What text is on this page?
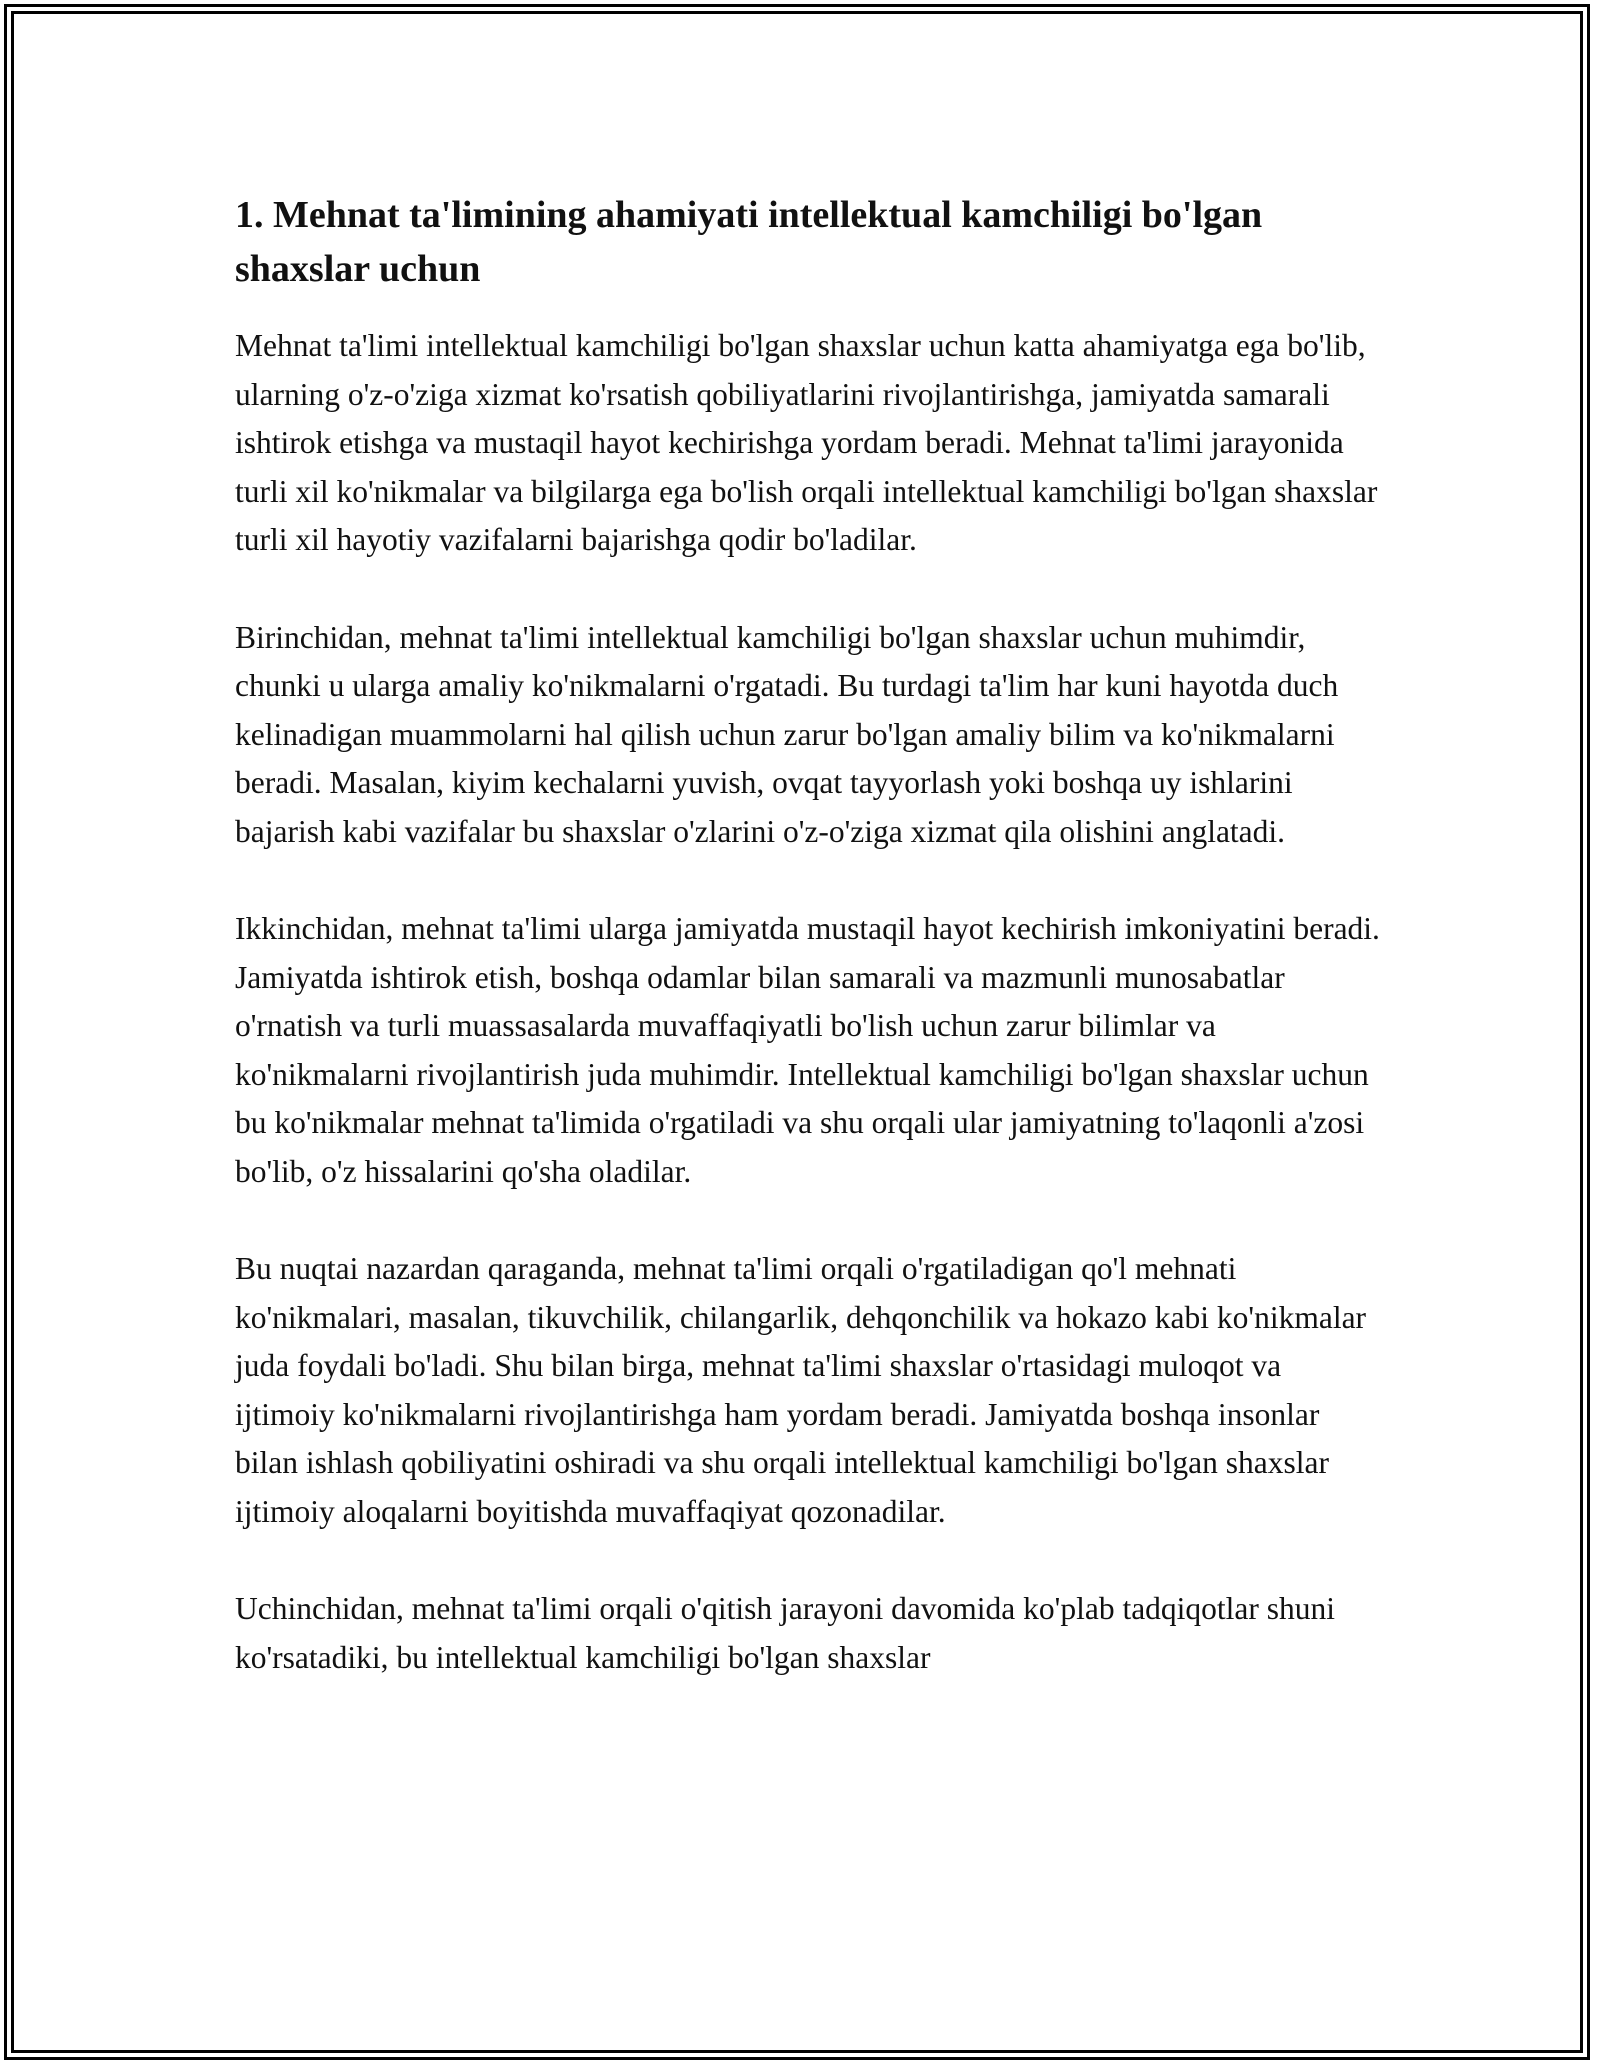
1. Mehnat ta'limining ahamiyati intellektual kamchiligi bo'lgan shaxslar uchun

Mehnat ta'limi intellektual kamchiligi bo'lgan shaxslar uchun katta ahamiyatga ega bo'lib, ularning o'z-o'ziga xizmat ko'rsatish qobiliyatlarini rivojlantirishga, jamiyatda samarali ishtirok etishga va mustaqil hayot kechirishga yordam beradi. Mehnat ta'limi jarayonida turli xil ko'nikmalar va bilgilarga ega bo'lish orqali intellektual kamchiligi bo'lgan shaxslar turli xil hayotiy vazifalarni bajarishga qodir bo'ladilar.

Birinchidan, mehnat ta'limi intellektual kamchiligi bo'lgan shaxslar uchun muhimdir, chunki u ularga amaliy ko'nikmalarni o'rgatadi. Bu turdagi ta'lim har kuni hayotda duch kelinadigan muammolarni hal qilish uchun zarur bo'lgan amaliy bilim va ko'nikmalarni beradi. Masalan, kiyim kechalarni yuvish, ovqat tayyorlash yoki boshqa uy ishlarini bajarish kabi vazifalar bu shaxslar o'zlarini o'z-o'ziga xizmat qila olishini anglatadi.

Ikkinchidan, mehnat ta'limi ularga jamiyatda mustaqil hayot kechirish imkoniyatini beradi. Jamiyatda ishtirok etish, boshqa odamlar bilan samarali va mazmunli munosabatlar o'rnatish va turli muassasalarda muvaffaqiyatli bo'lish uchun zarur bilimlar va ko'nikmalarni rivojlantirish juda muhimdir. Intellektual kamchiligi bo'lgan shaxslar uchun bu ko'nikmalar mehnat ta'limida o'rgatiladi va shu orqali ular jamiyatning to'laqonli a'zosi bo'lib, o'z hissalarini qo'sha oladilar.

Bu nuqtai nazardan qaraganda, mehnat ta'limi orqali o'rgatiladigan qo'l mehnati ko'nikmalari, masalan, tikuvchilik, chilangarlik, dehqonchilik va hokazo kabi ko'nikmalar juda foydali bo'ladi. Shu bilan birga, mehnat ta'limi shaxslar o'rtasidagi muloqot va ijtimoiy ko'nikmalarni rivojlantirishga ham yordam beradi. Jamiyatda boshqa insonlar bilan ishlash qobiliyatini oshiradi va shu orqali intellektual kamchiligi bo'lgan shaxslar ijtimoiy aloqalarni boyitishda muvaffaqiyat qozonadilar.

Uchinchidan, mehnat ta'limi orqali o'qitish jarayoni davomida ko'plab tadqiqotlar shuni ko'rsatadiki, bu intellektual kamchiligi bo'lgan shaxslar
